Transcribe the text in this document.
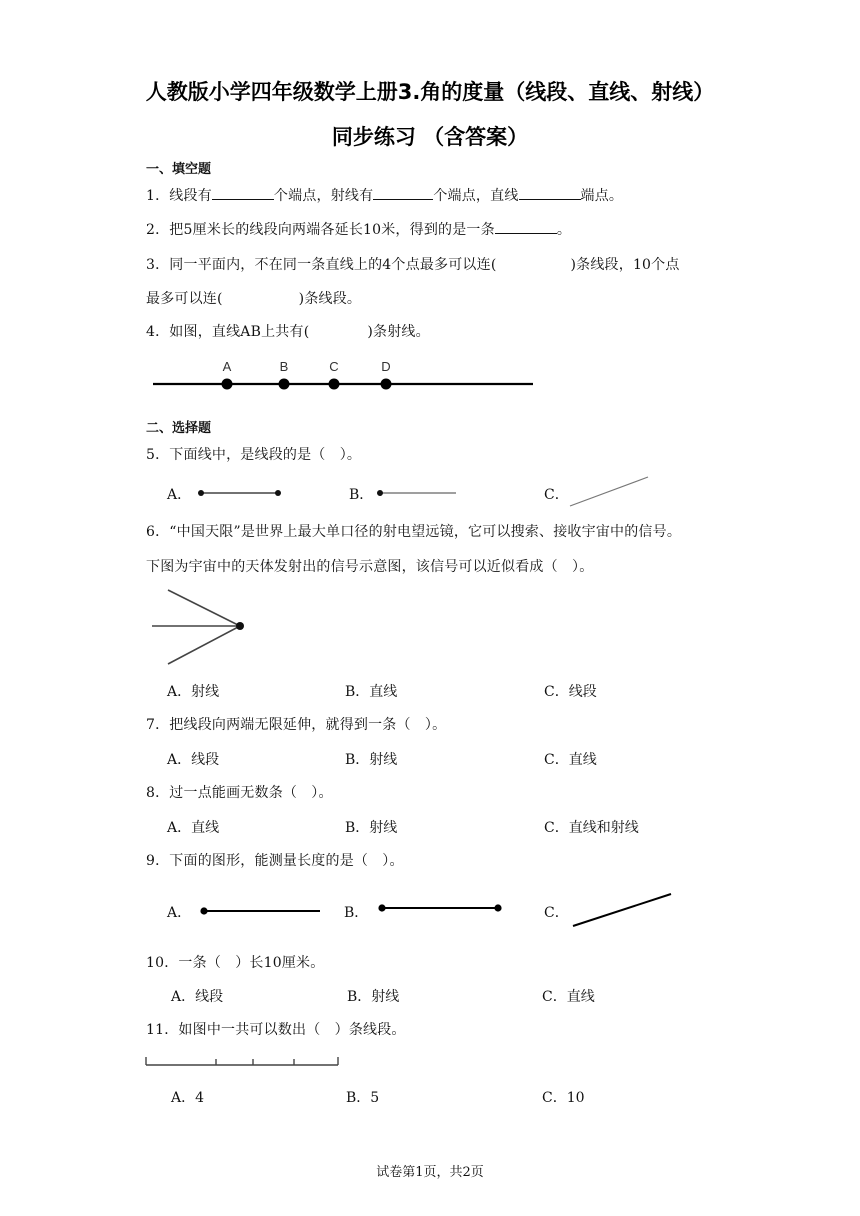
人教版小学四年级数学上册3.角的度量（线段、直线、射线）
同步练习 （含答案）
一、填空题
1．线段有	个端点，射线有	个端点，直线	端点。
2．把5厘米长的线段向两端各延长10米，得到的是一条	。
3．同一平面内，不在同一条直线上的4个点最多可以连(	)条线段，10个点
最多可以连(	)条线段。
4．如图，直线AB上共有(	)条射线。
A	B	C	D
二、选择题
5．下面线中，是线段的是（　）。
A．	B．	C．
6．“中国天限”是世界上最大单口径的射电望远镜，它可以搜索、接收宇宙中的信号。
下图为宇宙中的天体发射出的信号示意图，该信号可以近似看成（　）。
A．射线	B．直线	C．线段
7．把线段向两端无限延伸，就得到一条（　）。
A．线段	B．射线	C．直线
8．过一点能画无数条（　）。
A．直线	B．射线	C．直线和射线
9．下面的图形，能测量长度的是（　）。
A．	B．	C．
10．一条（　）长10厘米。
A．线段	B．射线	C．直线
11．如图中一共可以数出（　）条线段。
A．4	B．5	C．10
试卷第1页，共2页
